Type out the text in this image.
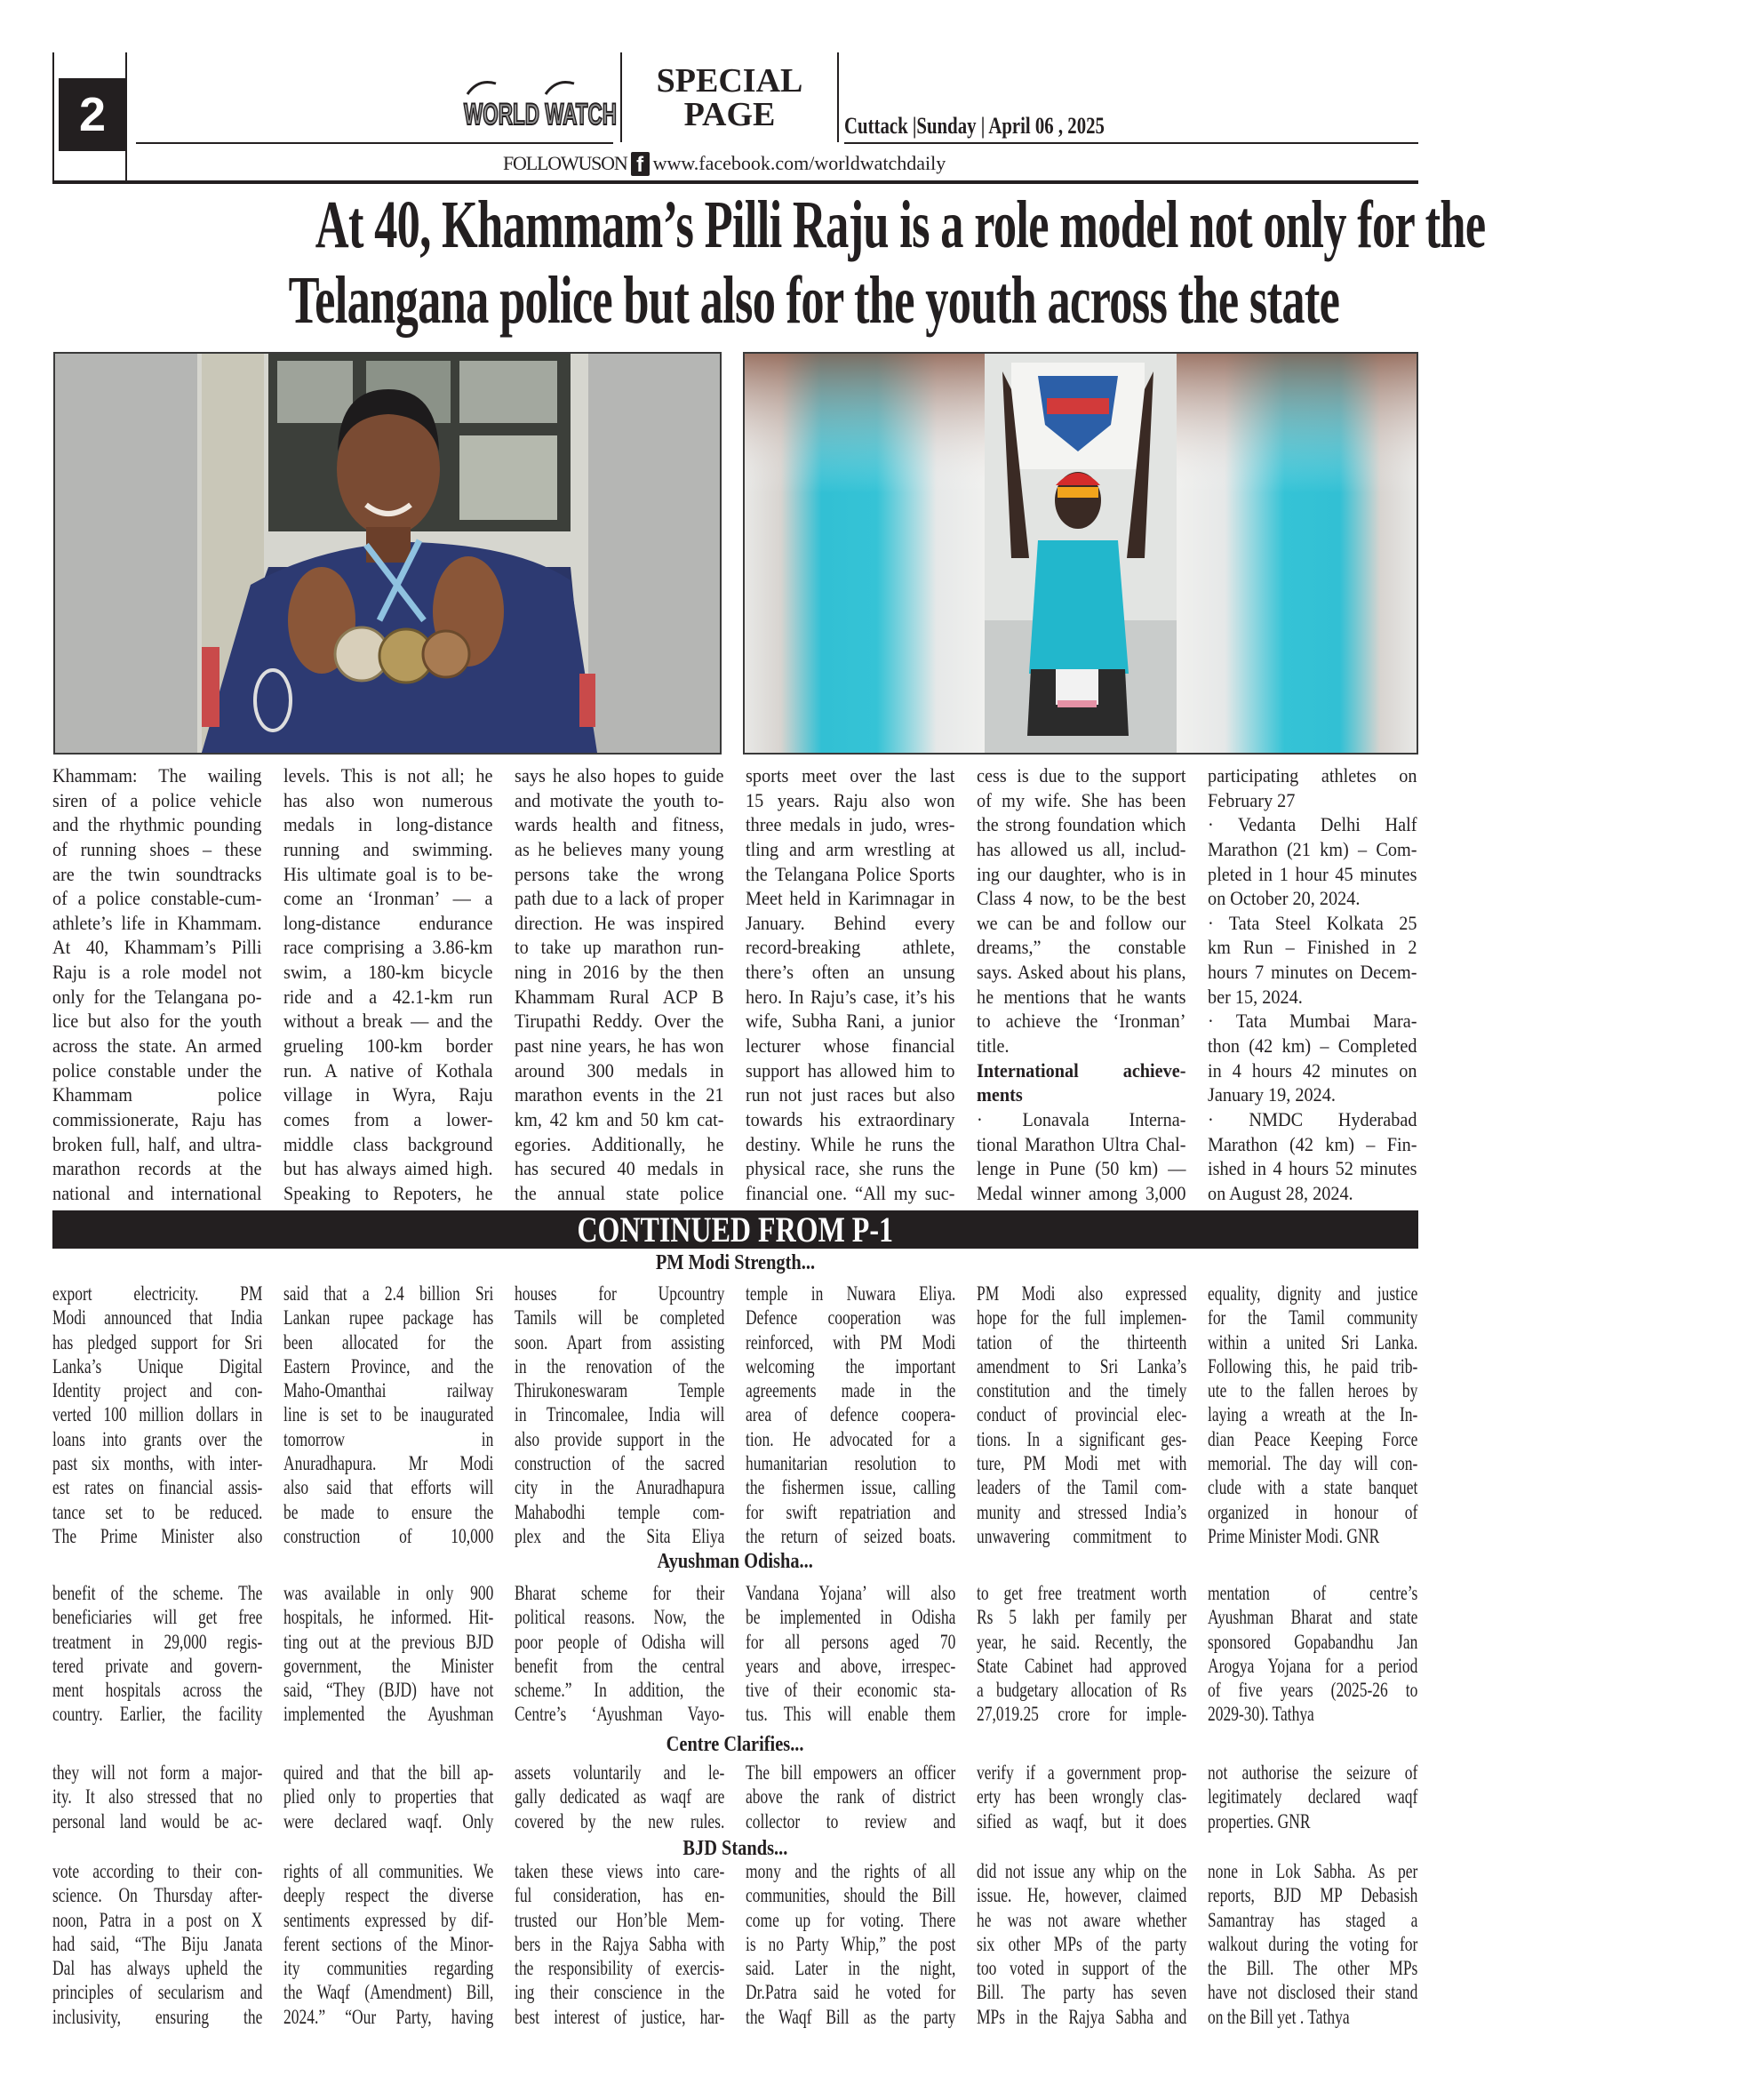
2	WORLD WATCH
SPECIAL
PAGE	Cuttack |Sunday | April 06 , 2025
FOLLOWUSON f www.facebook.com/worldwatchdaily
At 40, Khammam’s Pilli Raju is a role model not only for the
Telangana police but also for the youth across the state
Khammam: The wailing
siren of a police vehicle
and the rhythmic pounding
of running shoes – these
are the twin soundtracks
of a police constable-cum-
athlete’s life in Khammam.
At 40, Khammam’s Pilli
Raju is a role model not
only for the Telangana po-
lice but also for the youth
across the state. An armed
police constable under the
Khammam police
commissionerate, Raju has
broken full, half, and ultra-
marathon records at the
national and international
levels. This is not all; he
has also won numerous
medals in long-distance
running and swimming.
His ultimate goal is to be-
come an ‘Ironman’ — a
long-distance endurance
race comprising a 3.86-km
swim, a 180-km bicycle
ride and a 42.1-km run
without a break — and the
grueling 100-km border
run. A native of Kothala
village in Wyra, Raju
comes from a lower-
middle class background
but has always aimed high.
Speaking to Repoters, he
says he also hopes to guide
and motivate the youth to-
wards health and fitness,
as he believes many young
persons take the wrong
path due to a lack of proper
direction. He was inspired
to take up marathon run-
ning in 2016 by the then
Khammam Rural ACP B
Tirupathi Reddy. Over the
past nine years, he has won
around 300 medals in
marathon events in the 21
km, 42 km and 50 km cat-
egories. Additionally, he
has secured 40 medals in
the annual state police
sports meet over the last
15 years. Raju also won
three medals in judo, wres-
tling and arm wrestling at
the Telangana Police Sports
Meet held in Karimnagar in
January. Behind every
record-breaking athlete,
there’s often an unsung
hero. In Raju’s case, it’s his
wife, Subha Rani, a junior
lecturer whose financial
support has allowed him to
run not just races but also
towards his extraordinary
destiny. While he runs the
physical race, she runs the
financial one. “All my suc-
cess is due to the support
of my wife. She has been
the strong foundation which
has allowed us all, includ-
ing our daughter, who is in
Class 4 now, to be the best
we can be and follow our
dreams,” the constable
says. Asked about his plans,
he mentions that he wants
to achieve the ‘Ironman’
title.
International achieve-
ments
· Lonavala Interna-
tional Marathon Ultra Chal-
lenge in Pune (50 km) —
Medal winner among 3,000
participating athletes on
February 27
· Vedanta Delhi Half
Marathon (21 km) – Com-
pleted in 1 hour 45 minutes
on October 20, 2024.
· Tata Steel Kolkata 25
km Run – Finished in 2
hours 7 minutes on Decem-
ber 15, 2024.
· Tata Mumbai Mara-
thon (42 km) – Completed
in 4 hours 42 minutes on
January 19, 2024.
· NMDC Hyderabad
Marathon (42 km) – Fin-
ished in 4 hours 52 minutes
on August 28, 2024.
CONTINUED FROM P-1
PM Modi Strength...
export electricity. PM
Modi announced that India
has pledged support for Sri
Lanka’s Unique Digital
Identity project and con-
verted 100 million dollars in
loans into grants over the
past six months, with inter-
est rates on financial assis-
tance set to be reduced.
The Prime Minister also
said that a 2.4 billion Sri
Lankan rupee package has
been allocated for the
Eastern Province, and the
Maho-Omanthai railway
line is set to be inaugurated
tomorrow in
Anuradhapura. Mr Modi
also said that efforts will
be made to ensure the
construction of 10,000
houses for Upcountry
Tamils will be completed
soon. Apart from assisting
in the renovation of the
Thirukoneswaram Temple
in Trincomalee, India will
also provide support in the
construction of the sacred
city in the Anuradhapura
Mahabodhi temple com-
plex and the Sita Eliya
temple in Nuwara Eliya.
Defence cooperation was
reinforced, with PM Modi
welcoming the important
agreements made in the
area of defence coopera-
tion. He advocated for a
humanitarian resolution to
the fishermen issue, calling
for swift repatriation and
the return of seized boats.
PM Modi also expressed
hope for the full implemen-
tation of the thirteenth
amendment to Sri Lanka’s
constitution and the timely
conduct of provincial elec-
tions. In a significant ges-
ture, PM Modi met with
leaders of the Tamil com-
munity and stressed India’s
unwavering commitment to
equality, dignity and justice
for the Tamil community
within a united Sri Lanka.
Following this, he paid trib-
ute to the fallen heroes by
laying a wreath at the In-
dian Peace Keeping Force
memorial. The day will con-
clude with a state banquet
organized in honour of
Prime Minister Modi. GNR
Ayushman Odisha...
benefit of the scheme. The
beneficiaries will get free
treatment in 29,000 regis-
tered private and govern-
ment hospitals across the
country. Earlier, the facility
was available in only 900
hospitals, he informed. Hit-
ting out at the previous BJD
government, the Minister
said, “They (BJD) have not
implemented the Ayushman
Bharat scheme for their
political reasons. Now, the
poor people of Odisha will
benefit from the central
scheme.” In addition, the
Centre’s ‘Ayushman Vayo-
Vandana Yojana’ will also
be implemented in Odisha
for all persons aged 70
years and above, irrespec-
tive of their economic sta-
tus. This will enable them
to get free treatment worth
Rs 5 lakh per family per
year, he said. Recently, the
State Cabinet had approved
a budgetary allocation of Rs
27,019.25 crore for imple-
mentation of centre’s
Ayushman Bharat and state
sponsored Gopabandhu Jan
Arogya Yojana for a period
of five years (2025-26 to
2029-30). Tathya
Centre Clarifies...
they will not form a major-
ity. It also stressed that no
personal land would be ac-
quired and that the bill ap-
plied only to properties that
were declared waqf. Only
assets voluntarily and le-
gally dedicated as waqf are
covered by the new rules.
The bill empowers an officer
above the rank of district
collector to review and
verify if a government prop-
erty has been wrongly clas-
sified as waqf, but it does
not authorise the seizure of
legitimately declared waqf
properties. GNR
BJD Stands...
vote according to their con-
science. On Thursday after-
noon, Patra in a post on X
had said, “The Biju Janata
Dal has always upheld the
principles of secularism and
inclusivity, ensuring the
rights of all communities. We
deeply respect the diverse
sentiments expressed by dif-
ferent sections of the Minor-
ity communities regarding
the Waqf (Amendment) Bill,
2024.” “Our Party, having
taken these views into care-
ful consideration, has en-
trusted our Hon’ble Mem-
bers in the Rajya Sabha with
the responsibility of exercis-
ing their conscience in the
best interest of justice, har-
mony and the rights of all
communities, should the Bill
come up for voting. There
is no Party Whip,” the post
said. Later in the night,
Dr.Patra said he voted for
the Waqf Bill as the party
did not issue any whip on the
issue. He, however, claimed
he was not aware whether
six other MPs of the party
too voted in support of the
Bill. The party has seven
MPs in the Rajya Sabha and
none in Lok Sabha. As per
reports, BJD MP Debasish
Samantray has staged a
walkout during the voting for
the Bill. The other MPs
have not disclosed their stand
on the Bill yet . Tathya
